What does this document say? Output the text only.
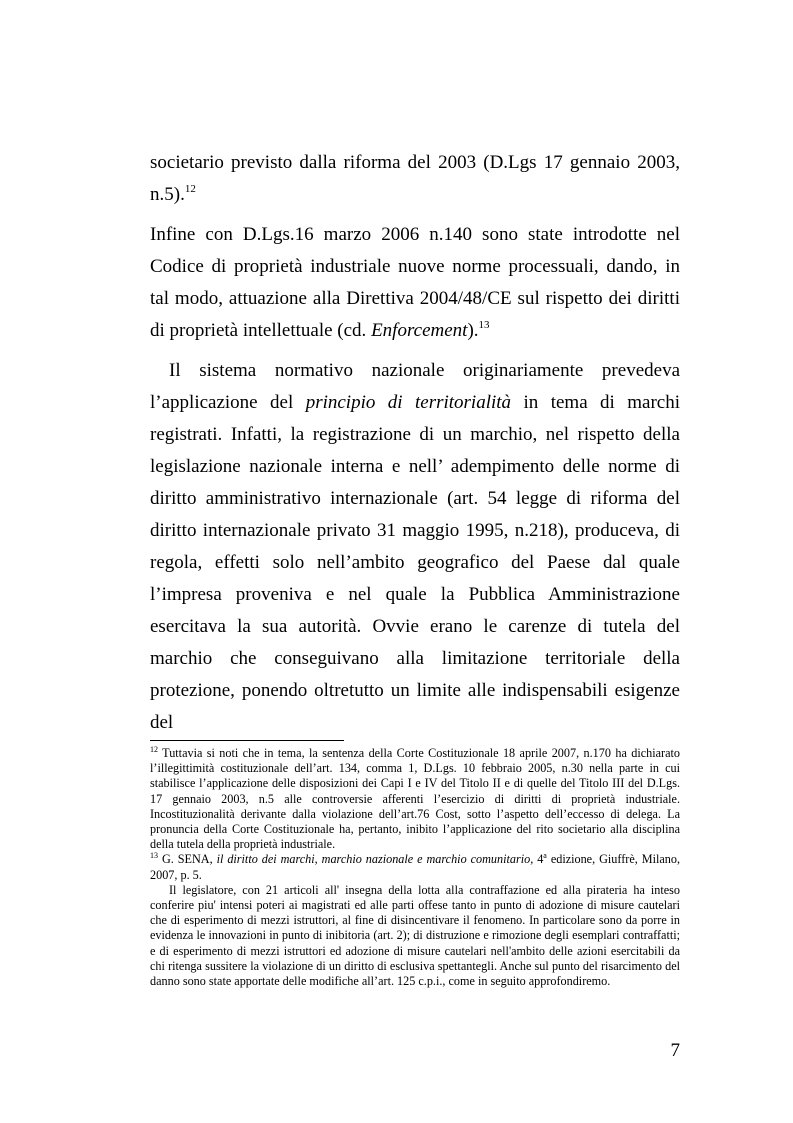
societario previsto dalla riforma del 2003 (D.Lgs 17 gennaio 2003, n.5).$^{12}$

Infine con D.Lgs.16 marzo 2006 n.140 sono state introdotte nel Codice di proprietà industriale nuove norme processuali, dando, in tal modo, attuazione alla Direttiva 2004/48/CE sul rispetto dei diritti di proprietà intellettuale (cd. Enforcement).$^{13}$

Il sistema normativo nazionale originariamente prevedeva l’applicazione del principio di territorialità in tema di marchi registrati. Infatti, la registrazione di un marchio, nel rispetto della legislazione nazionale interna e nell’ adempimento delle norme di diritto amministrativo internazionale (art. 54 legge di riforma del diritto internazionale privato 31 maggio 1995, n.218), produceva, di regola, effetti solo nell’ambito geografico del Paese dal quale l’impresa proveniva e nel quale la Pubblica Amministrazione esercitava la sua autorità. Ovvie erano le carenze di tutela del marchio che conseguivano alla limitazione territoriale della protezione, ponendo oltretutto un limite alle indispensabili esigenze del

$^{12}$ Tuttavia si noti che in tema, la sentenza della Corte Costituzionale 18 aprile 2007, n.170 ha dichiarato l’illegittimità costituzionale dell’art. 134, comma 1, D.Lgs. 10 febbraio 2005, n.30 nella parte in cui stabilisce l’applicazione delle disposizioni dei Capi I e IV del Titolo II e di quelle del Titolo III del D.Lgs. 17 gennaio 2003, n.5 alle controversie afferenti l’esercizio di diritti di proprietà industriale. Incostituzionalità derivante dalla violazione dell’art.76 Cost, sotto l’aspetto dell’eccesso di delega. La pronuncia della Corte Costituzionale ha, pertanto, inibito l’applicazione del rito societario alla disciplina della tutela della proprietà industriale.

$^{13}$ G. SENA, il diritto dei marchi, marchio nazionale e marchio comunitario, 4$^a$ edizione, Giuffrè, Milano, 2007, p. 5.

Il legislatore, con 21 articoli all' insegna della lotta alla contraffazione ed alla pirateria ha inteso conferire piu' intensi poteri ai magistrati ed alle parti offese tanto in punto di adozione di misure cautelari che di esperimento di mezzi istruttori, al fine di disincentivare il fenomeno. In particolare sono da porre in evidenza le innovazioni in punto di inibitoria (art. 2); di distruzione e rimozione degli esemplari contraffatti; e di esperimento di mezzi istruttori ed adozione di misure cautelari nell'ambito delle azioni esercitabili da chi ritenga sussitere la violazione di un diritto di esclusiva spettantegli. Anche sul punto del risarcimento del danno sono state apportate delle modifiche all’art. 125 c.p.i., come in seguito approfondiremo.

7
